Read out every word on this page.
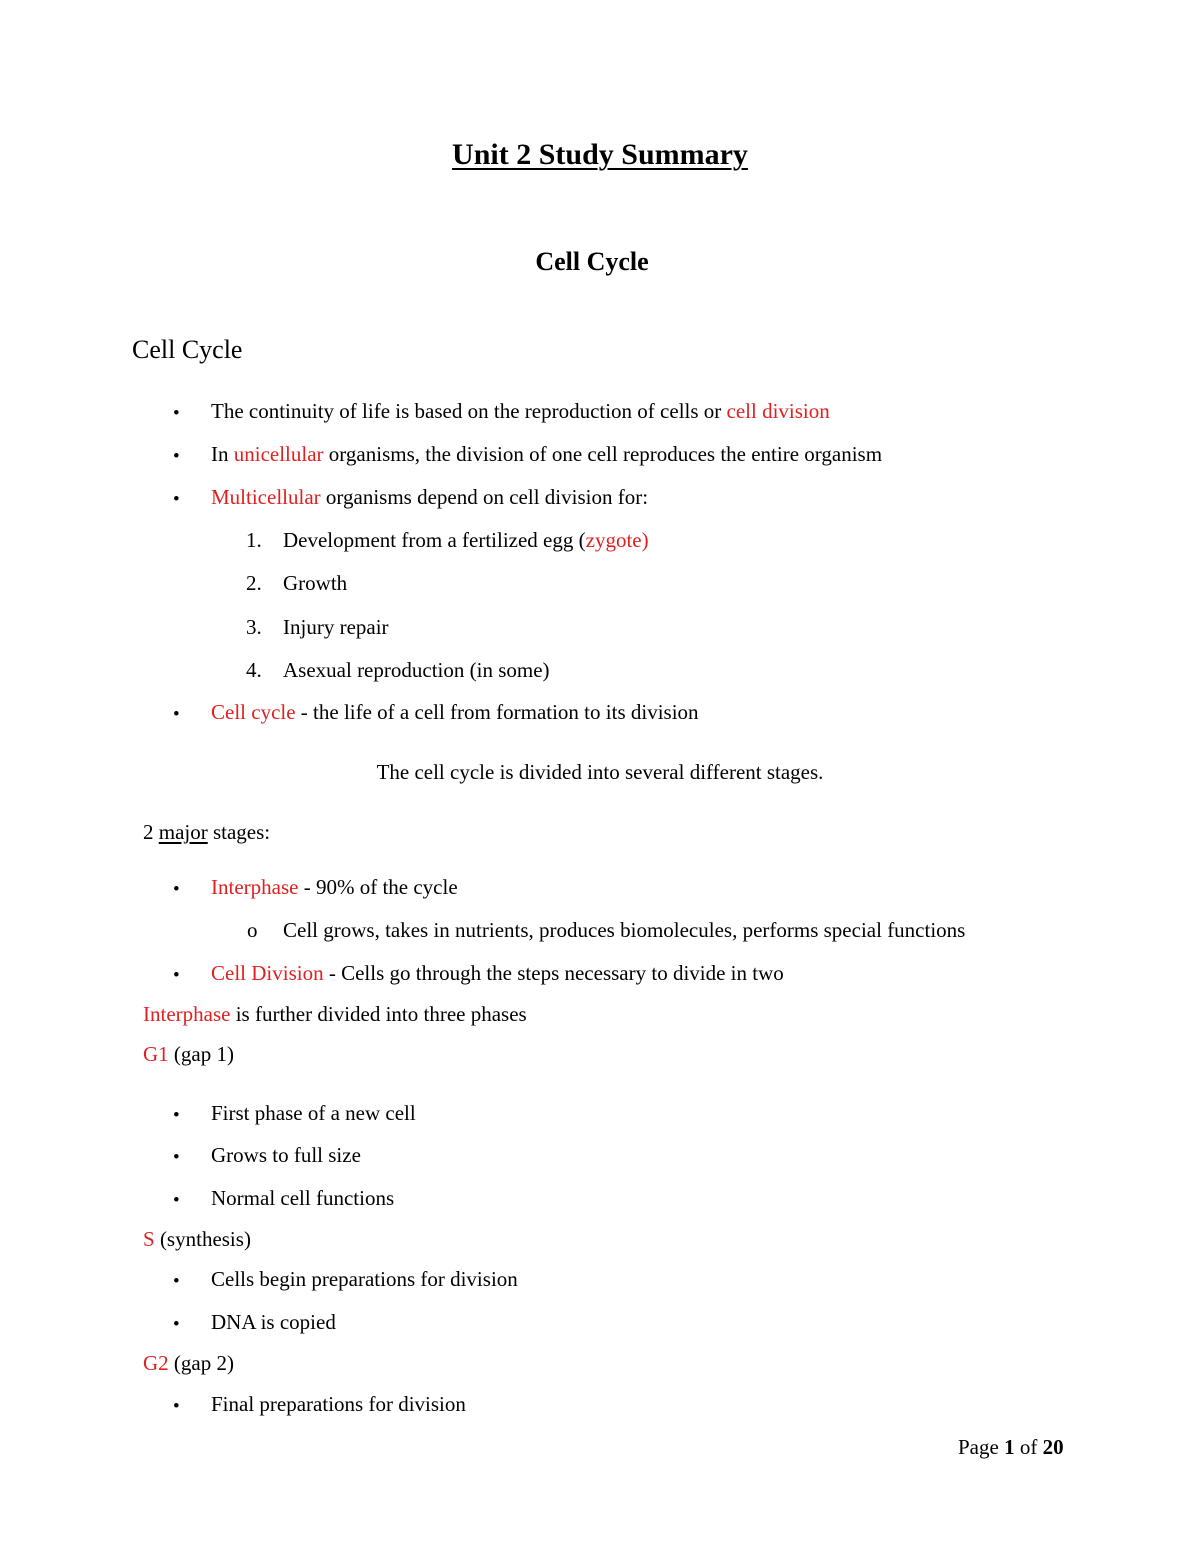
Unit 2 Study Summary
Cell Cycle
Cell Cycle
• The continuity of life is based on the reproduction of cells or cell division
• In unicellular organisms, the division of one cell reproduces the entire organism
• Multicellular organisms depend on cell division for:
1. Development from a fertilized egg (zygote)
2. Growth
3. Injury repair
4. Asexual reproduction (in some)
• Cell cycle - the life of a cell from formation to its division
The cell cycle is divided into several different stages.
2 major stages:
• Interphase - 90% of the cycle
o Cell grows, takes in nutrients, produces biomolecules, performs special functions
• Cell Division - Cells go through the steps necessary to divide in two
Interphase is further divided into three phases
G1 (gap 1)
• First phase of a new cell
• Grows to full size
• Normal cell functions
S (synthesis)
• Cells begin preparations for division
• DNA is copied
G2 (gap 2)
• Final preparations for division
Page 1 of 20
